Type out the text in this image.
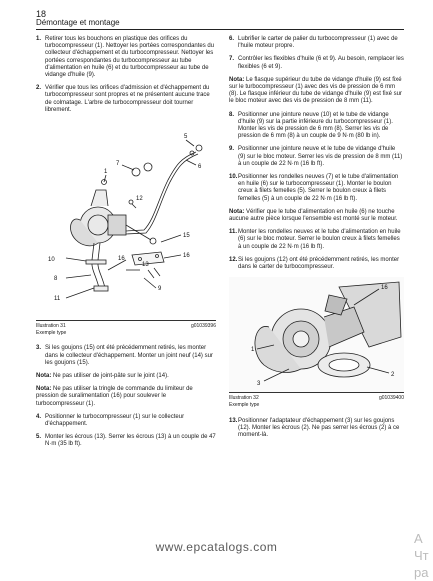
18
Démontage et montage
1. Retirer tous les bouchons en plastique des orifices du turbocompresseur (1). Nettoyer les portées correspondantes du collecteur d'échappement et du turbocompresseur. Nettoyer les portées correspondantes du turbocompresseur au tube d'alimentation en huile (6) et du turbocompresseur au tube de vidange d'huile (9).
2. Vérifier que tous les orifices d'admission et d'échappement du turbocompresseur sont propres et ne présentent aucune trace de colmatage. L'arbre de turbocompresseur doit tourner librement.
5
6
7
1
12
15
16
10	16
13
9
8
11
Illustration 31	g01039396
Exemple type
3. Si les goujons (15) ont été précédemment retirés, les monter dans le collecteur d'échappement. Monter un joint neuf (14) sur les goujons (15).
Nota: Ne pas utiliser de joint-pâte sur le joint (14).
Nota: Ne pas utiliser la tringle de commande du limiteur de pression de suralimentation (16) pour soulever le turbocompresseur (1).
4. Positionner le turbocompresseur (1) sur le collecteur d'échappement.
5. Monter les écrous (13). Serrer les écrous (13) à un couple de 47 N·m (35 lb ft).
6. Lubrifier le carter de palier du turbocompresseur (1) avec de l'huile moteur propre.
7. Contrôler les flexibles d'huile (6 et 9). Au besoin, remplacer les flexibles (6 et 9).
Nota: Le flasque supérieur du tube de vidange d'huile (9) est fixé sur le turbocompresseur (1) avec des vis de pression de 6 mm (8). Le flasque inférieur du tube de vidange d'huile (9) est fixé sur le bloc moteur avec des vis de pression de 8 mm (11).
8. Positionner une jointure neuve (10) et le tube de vidange d'huile (9) sur la partie inférieure du turbocompresseur (1). Monter les vis de pression de 6 mm (8). Serrer les vis de pression de 6 mm (8) à un couple de 9 N·m (80 lb in).
9. Positionner une jointure neuve et le tube de vidange d'huile (9) sur le bloc moteur. Serrer les vis de pression de 8 mm (11) à un couple de 22 N·m (16 lb ft).
10. Positionner les rondelles neuves (7) et le tube d'alimentation en huile (6) sur le turbocompresseur (1). Monter le boulon creux à filets femelles (5). Serrer le boulon creux à filets femelles (5) à un couple de 22 N·m (16 lb ft).
Nota: Vérifier que le tube d'alimentation en huile (6) ne touche aucune autre pièce lorsque l'ensemble est monté sur le moteur.
11. Monter les rondelles neuves et le tube d'alimentation en huile (6) sur le bloc moteur. Serrer le boulon creux à filets femelles à un couple de 22 N·m (16 lb ft).
12. Si les goujons (12) ont été précédemment retirés, les monter dans le carter de turbocompresseur.
16
1
2
3
Illustration 32	g01039400
Exemple type
13. Positionner l'adaptateur d'échappement (3) sur les goujons (12). Monter les écrous (2). Ne pas serrer les écrous (2) à ce moment-là.
www.epcatalogs.com
A
Чт
pa
